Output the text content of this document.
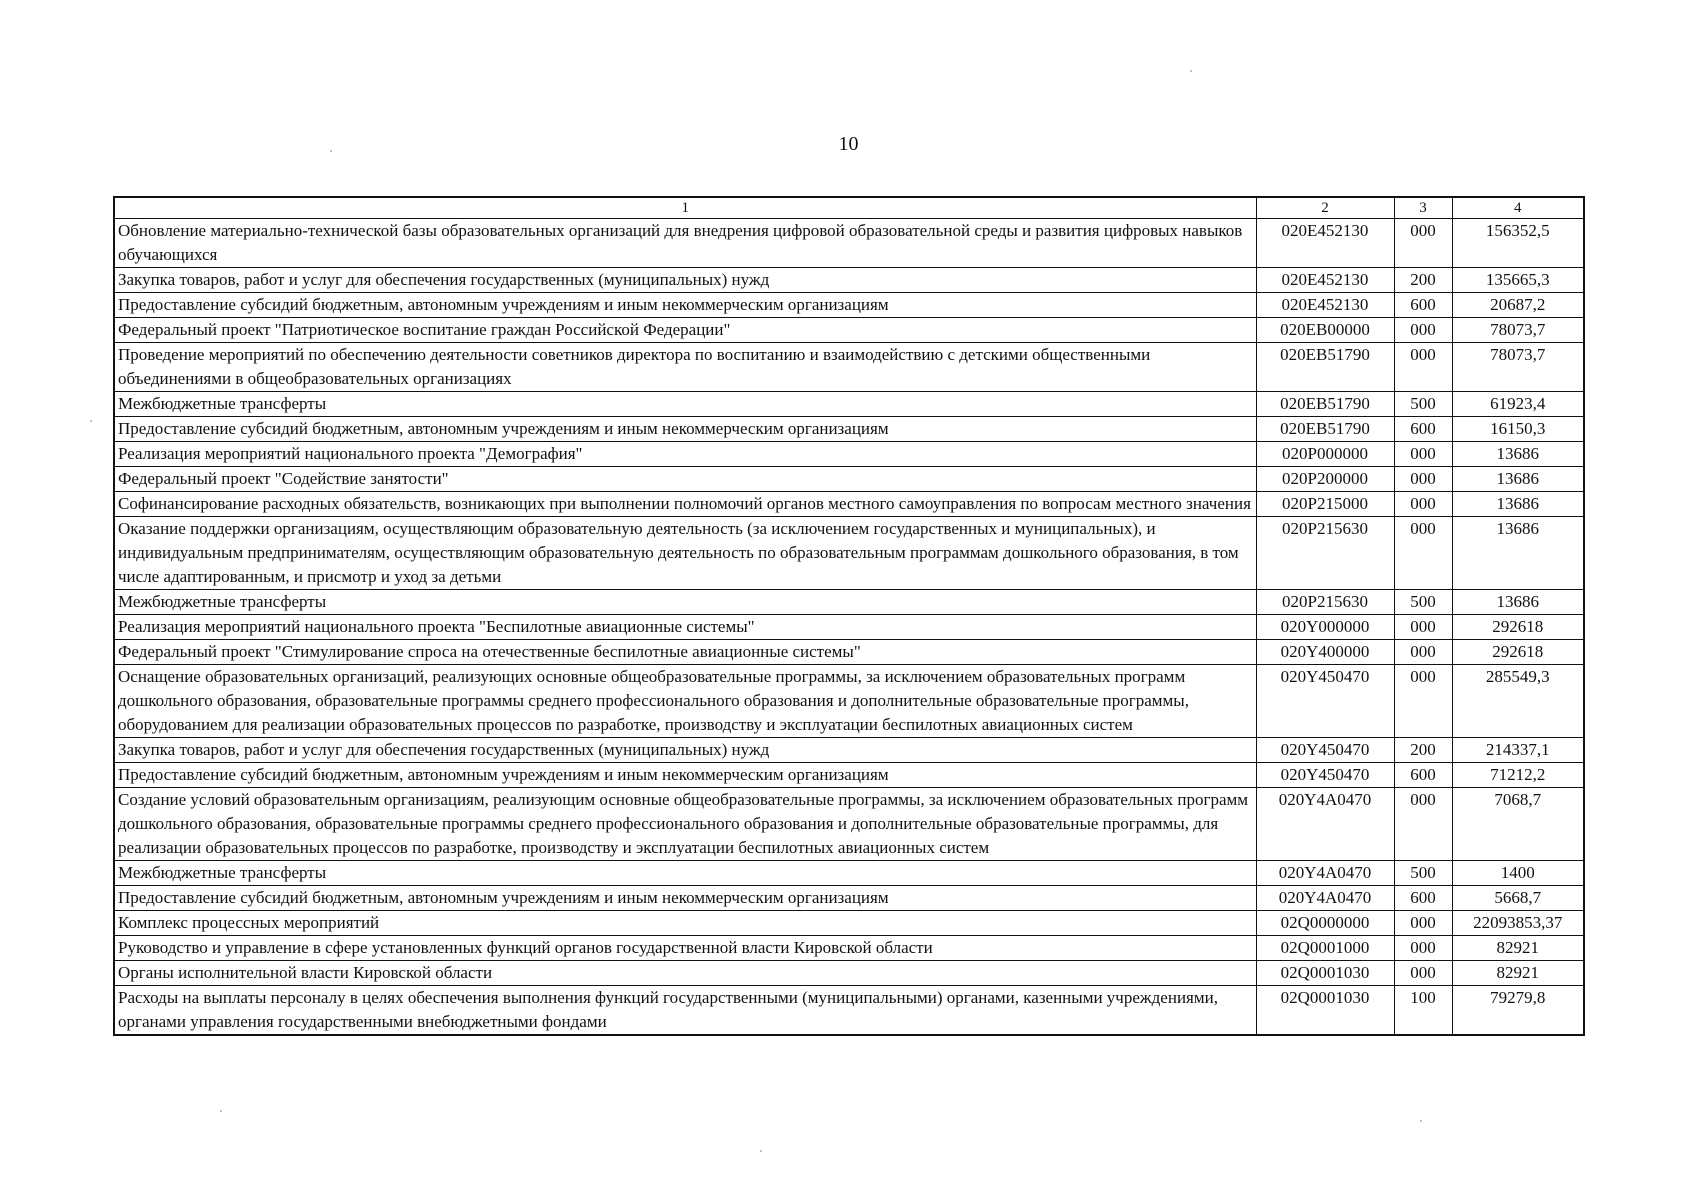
10
1	2	3	4
Обновление материально-технической базы образовательных организаций для внедрения цифровой образовательной среды и развития цифровых навыков обучающихся	020E452130	000	156352,5
Закупка товаров, работ и услуг для обеспечения государственных (муниципальных) нужд	020E452130	200	135665,3
Предоставление субсидий бюджетным, автономным учреждениям и иным некоммерческим организациям	020E452130	600	20687,2
Федеральный проект "Патриотическое воспитание граждан Российской Федерации"	020EB00000	000	78073,7
Проведение мероприятий по обеспечению деятельности советников директора по воспитанию и взаимодействию с детскими общественными объединениями в общеобразовательных организациях	020EB51790	000	78073,7
Межбюджетные трансферты	020EB51790	500	61923,4
Предоставление субсидий бюджетным, автономным учреждениям и иным некоммерческим организациям	020EB51790	600	16150,3
Реализация мероприятий национального проекта "Демография"	020P000000	000	13686
Федеральный проект "Содействие занятости"	020P200000	000	13686
Софинансирование расходных обязательств, возникающих при выполнении полномочий органов местного самоуправления по вопросам местного значения	020P215000	000	13686
Оказание поддержки организациям, осуществляющим образовательную деятельность (за исключением государственных и муниципальных), и индивидуальным предпринимателям, осуществляющим образовательную деятельность по образовательным программам дошкольного образования, в том числе адаптированным, и присмотр и уход за детьми	020P215630	000	13686
Межбюджетные трансферты	020P215630	500	13686
Реализация мероприятий национального проекта "Беспилотные авиационные системы"	020Y000000	000	292618
Федеральный проект "Стимулирование спроса на отечественные беспилотные авиационные системы"	020Y400000	000	292618
Оснащение образовательных организаций, реализующих основные общеобразовательные программы, за исключением образовательных программ дошкольного образования, образовательные программы среднего профессионального образования и дополнительные образовательные программы, оборудованием для реализации образовательных процессов по разработке, производству и эксплуатации беспилотных авиационных систем	020Y450470	000	285549,3
Закупка товаров, работ и услуг для обеспечения государственных (муниципальных) нужд	020Y450470	200	214337,1
Предоставление субсидий бюджетным, автономным учреждениям и иным некоммерческим организациям	020Y450470	600	71212,2
Создание условий образовательным организациям, реализующим основные общеобразовательные программы, за исключением образовательных программ дошкольного образования, образовательные программы среднего профессионального образования и дополнительные образовательные программы, для реализации образовательных процессов по разработке, производству и эксплуатации беспилотных авиационных систем	020Y4A0470	000	7068,7
Межбюджетные трансферты	020Y4A0470	500	1400
Предоставление субсидий бюджетным, автономным учреждениям и иным некоммерческим организациям	020Y4A0470	600	5668,7
Комплекс процессных мероприятий	02Q0000000	000	22093853,37
Руководство и управление в сфере установленных функций органов государственной власти Кировской области	02Q0001000	000	82921
Органы исполнительной власти Кировской области	02Q0001030	000	82921
Расходы на выплаты персоналу в целях обеспечения выполнения функций государственными (муниципальными) органами, казенными учреждениями, органами управления государственными внебюджетными фондами	02Q0001030	100	79279,8
